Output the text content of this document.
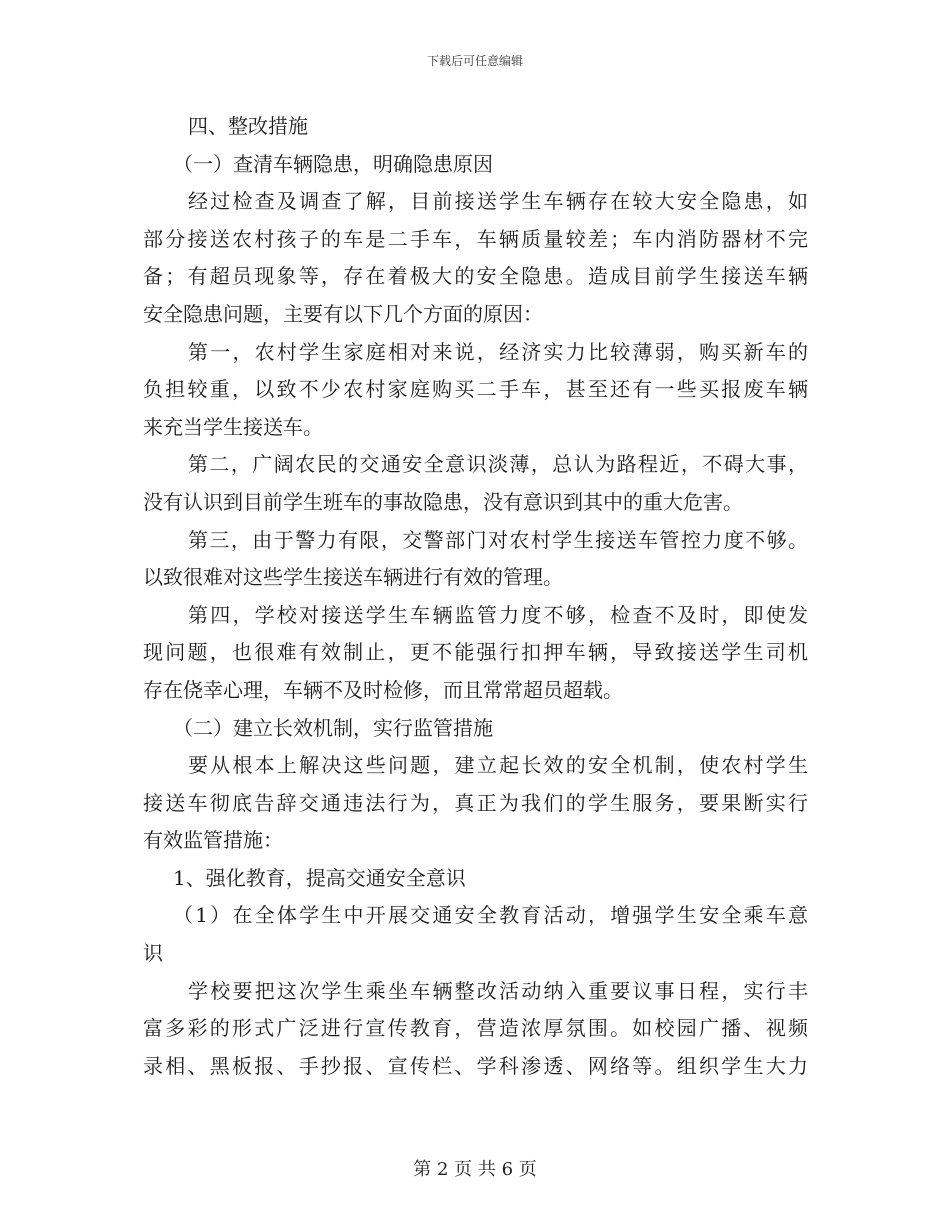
下载后可任意编辑
四、整改措施
（一）查清车辆隐患，明确隐患原因
经过检查及调查了解，目前接送学生车辆存在较大安全隐患，如
部分接送农村孩子的车是二手车，车辆质量较差；车内消防器材不完
备；有超员现象等，存在着极大的安全隐患。造成目前学生接送车辆
安全隐患问题，主要有以下几个方面的原因：
第一，农村学生家庭相对来说，经济实力比较薄弱，购买新车的
负担较重，以致不少农村家庭购买二手车，甚至还有一些买报废车辆
来充当学生接送车。
第二，广阔农民的交通安全意识淡薄，总认为路程近，不碍大事，
没有认识到目前学生班车的事故隐患，没有意识到其中的重大危害。
第三，由于警力有限，交警部门对农村学生接送车管控力度不够。
以致很难对这些学生接送车辆进行有效的管理。
第四，学校对接送学生车辆监管力度不够，检查不及时，即使发
现问题，也很难有效制止，更不能强行扣押车辆，导致接送学生司机
存在侥幸心理，车辆不及时检修，而且常常超员超载。
（二）建立长效机制，实行监管措施
要从根本上解决这些问题，建立起长效的安全机制，使农村学生
接送车彻底告辞交通违法行为，真正为我们的学生服务，要果断实行
有效监管措施：
1、强化教育，提高交通安全意识
（1）在全体学生中开展交通安全教育活动，增强学生安全乘车意
识
学校要把这次学生乘坐车辆整改活动纳入重要议事日程，实行丰
富多彩的形式广泛进行宣传教育，营造浓厚氛围。如校园广播、视频
录相、黑板报、手抄报、宣传栏、学科渗透、网络等。组织学生大力
第 2 页 共 6 页
